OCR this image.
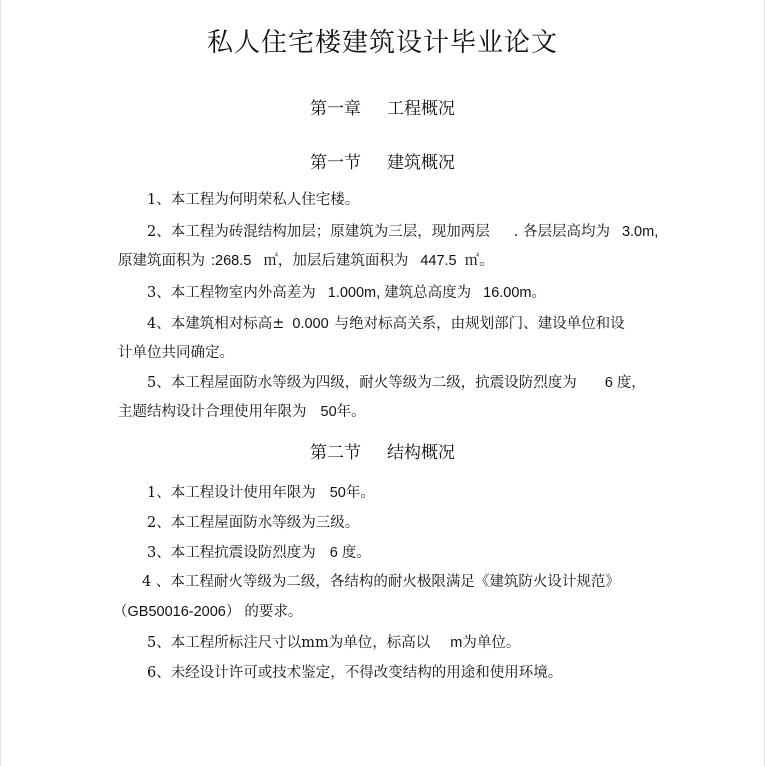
私人住宅楼建筑设计毕业论文
第一章 工程概况
第一节 建筑概况
1、本工程为何明荣私人住宅楼。
2、本工程为砖混结构加层；原建筑为三层，现加两层 . 各层层高均为 3.0m,
原建筑面积为 :268.5 ㎡，加层后建筑面积为 447.5 ㎡。
3、本工程物室内外高差为 1.000m, 建筑总高度为 16.00m。
4、本建筑相对标高± 0.000 与绝对标高关系，由规划部门、建设单位和设
计单位共同确定。
5、本工程屋面防水等级为四级，耐火等级为二级，抗震设防烈度为 6 度，
主题结构设计合理使用年限为 50年。
第二节 结构概况
1、本工程设计使用年限为 50年。
2、本工程屋面防水等级为三级。
3、本工程抗震设防烈度为 6 度。
4 、本工程耐火等级为二级，各结构的耐火极限满足《建筑防火设计规范》
（GB50016-2006） 的要求。
5、本工程所标注尺寸以mm为单位，标高以 m为单位。
6、未经设计许可或技术鉴定，不得改变结构的用途和使用环境。
